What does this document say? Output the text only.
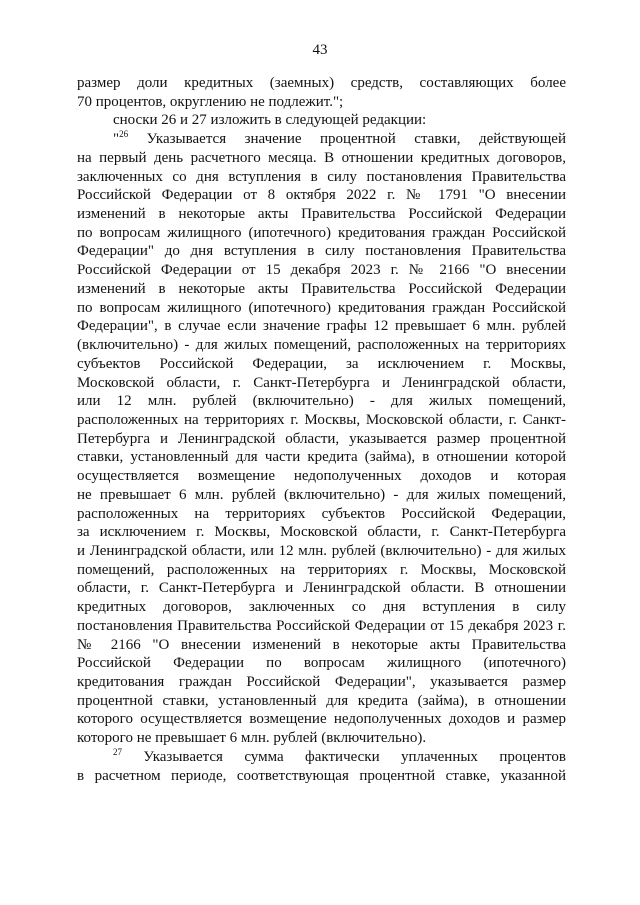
43
размер доли кредитных (заемных) средств, составляющих более
70 процентов, округлению не подлежит.";
сноски 26 и 27 изложить в следующей редакции:
"$^{26}$ Указывается значение процентной ставки, действующей
на первый день расчетного месяца. В отношении кредитных договоров,
заключенных со дня вступления в силу постановления Правительства
Российской Федерации от 8 октября 2022 г. № 1791 "О внесении
изменений в некоторые акты Правительства Российской Федерации
по вопросам жилищного (ипотечного) кредитования граждан Российской
Федерации" до дня вступления в силу постановления Правительства
Российской Федерации от 15 декабря 2023 г. № 2166 "О внесении
изменений в некоторые акты Правительства Российской Федерации
по вопросам жилищного (ипотечного) кредитования граждан Российской
Федерации", в случае если значение графы 12 превышает 6 млн. рублей
(включительно) - для жилых помещений, расположенных на территориях
субъектов Российской Федерации, за исключением г. Москвы,
Московской области, г. Санкт-Петербурга и Ленинградской области,
или 12 млн. рублей (включительно) - для жилых помещений,
расположенных на территориях г. Москвы, Московской области, г. Санкт-
Петербурга и Ленинградской области, указывается размер процентной
ставки, установленный для части кредита (займа), в отношении которой
осуществляется возмещение недополученных доходов и которая
не превышает 6 млн. рублей (включительно) - для жилых помещений,
расположенных на территориях субъектов Российской Федерации,
за исключением г. Москвы, Московской области, г. Санкт-Петербурга
и Ленинградской области, или 12 млн. рублей (включительно) - для жилых
помещений, расположенных на территориях г. Москвы, Московской
области, г. Санкт-Петербурга и Ленинградской области. В отношении
кредитных договоров, заключенных со дня вступления в силу
постановления Правительства Российской Федерации от 15 декабря 2023 г.
№ 2166 "О внесении изменений в некоторые акты Правительства
Российской Федерации по вопросам жилищного (ипотечного)
кредитования граждан Российской Федерации", указывается размер
процентной ставки, установленный для кредита (займа), в отношении
которого осуществляется возмещение недополученных доходов и размер
которого не превышает 6 млн. рублей (включительно).
$^{27}$ Указывается сумма фактически уплаченных процентов
в расчетном периоде, соответствующая процентной ставке, указанной
